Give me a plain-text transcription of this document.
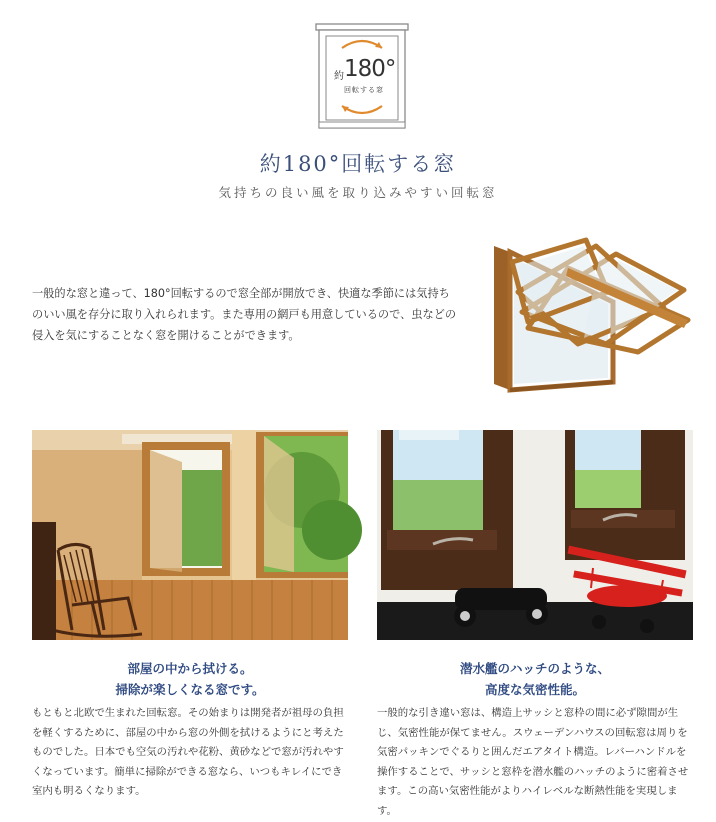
約 180°
回転する窓
約180°回転する窓
気持ちの良い風を取り込みやすい回転窓

一般的な窓と違って、180°回転するので窓全部が開放でき、快適な季節には気持ちのいい風を存分に取り入れられます。また専用の網戸も用意しているので、虫などの侵入を気にすることなく窓を開けることができます。

部屋の中から拭ける。
掃除が楽しくなる窓です。

もともと北欧で生まれた回転窓。その始まりは開発者が祖母の負担を軽くするために、部屋の中から窓の外側を拭けるようにと考えたものでした。日本でも空気の汚れや花粉、黄砂などで窓が汚れやすくなっています。簡単に掃除ができる窓なら、いつもキレイにでき室内も明るくなります。

潜水艦のハッチのような、
高度な気密性能。

一般的な引き違い窓は、構造上サッシと窓枠の間に必ず隙間が生じ、気密性能が保てません。スウェーデンハウスの回転窓は周りを気密パッキンでぐるりと囲んだエアタイト構造。レバーハンドルを操作することで、サッシと窓枠を潜水艦のハッチのように密着させます。この高い気密性能がよりハイレベルな断熱性能を実現します。
